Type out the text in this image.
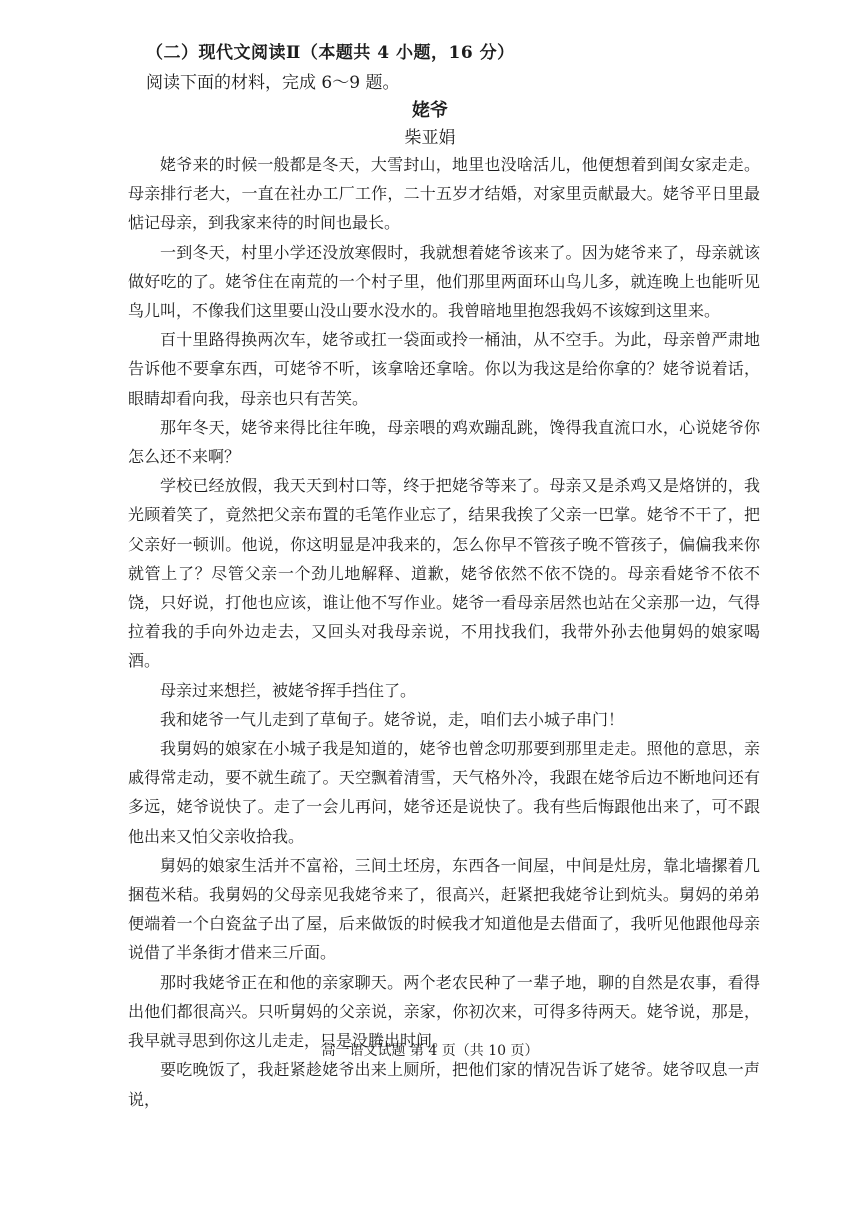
（二）现代文阅读Ⅱ（本题共 4 小题，16 分）
阅读下面的材料，完成 6～9 题。
姥爷
柴亚娟

姥爷来的时候一般都是冬天，大雪封山，地里也没啥活儿，他便想着到闺女家走走。母亲排行老大，一直在社办工厂工作，二十五岁才结婚，对家里贡献最大。姥爷平日里最惦记母亲，到我家来待的时间也最长。

一到冬天，村里小学还没放寒假时，我就想着姥爷该来了。因为姥爷来了，母亲就该做好吃的了。姥爷住在南荒的一个村子里，他们那里两面环山鸟儿多，就连晚上也能听见鸟儿叫，不像我们这里要山没山要水没水的。我曾暗地里抱怨我妈不该嫁到这里来。

百十里路得换两次车，姥爷或扛一袋面或拎一桶油，从不空手。为此，母亲曾严肃地告诉他不要拿东西，可姥爷不听，该拿啥还拿啥。你以为我这是给你拿的？姥爷说着话，眼睛却看向我，母亲也只有苦笑。

那年冬天，姥爷来得比往年晚，母亲喂的鸡欢蹦乱跳，馋得我直流口水，心说姥爷你怎么还不来啊？

学校已经放假，我天天到村口等，终于把姥爷等来了。母亲又是杀鸡又是烙饼的，我光顾着笑了，竟然把父亲布置的毛笔作业忘了，结果我挨了父亲一巴掌。姥爷不干了，把父亲好一顿训。他说，你这明显是冲我来的，怎么你早不管孩子晚不管孩子，偏偏我来你就管上了？尽管父亲一个劲儿地解释、道歉，姥爷依然不依不饶的。母亲看姥爷不依不饶，只好说，打他也应该，谁让他不写作业。姥爷一看母亲居然也站在父亲那一边，气得拉着我的手向外边走去，又回头对我母亲说，不用找我们，我带外孙去他舅妈的娘家喝酒。

母亲过来想拦，被姥爷挥手挡住了。

我和姥爷一气儿走到了草甸子。姥爷说，走，咱们去小城子串门！

我舅妈的娘家在小城子我是知道的，姥爷也曾念叨那要到那里走走。照他的意思，亲戚得常走动，要不就生疏了。天空飘着清雪，天气格外冷，我跟在姥爷后边不断地问还有多远，姥爷说快了。走了一会儿再问，姥爷还是说快了。我有些后悔跟他出来了，可不跟他出来又怕父亲收拾我。

舅妈的娘家生活并不富裕，三间土坯房，东西各一间屋，中间是灶房，靠北墙摞着几捆苞米秸。我舅妈的父母亲见我姥爷来了，很高兴，赶紧把我姥爷让到炕头。舅妈的弟弟便端着一个白瓷盆子出了屋，后来做饭的时候我才知道他是去借面了，我听见他跟他母亲说借了半条街才借来三斤面。

那时我姥爷正在和他的亲家聊天。两个老农民种了一辈子地，聊的自然是农事，看得出他们都很高兴。只听舅妈的父亲说，亲家，你初次来，可得多待两天。姥爷说，那是，我早就寻思到你这儿走走，只是没腾出时间。

要吃晚饭了，我赶紧趁姥爷出来上厕所，把他们家的情况告诉了姥爷。姥爷叹息一声说，

高一语文试题 第 4 页（共 10 页）
